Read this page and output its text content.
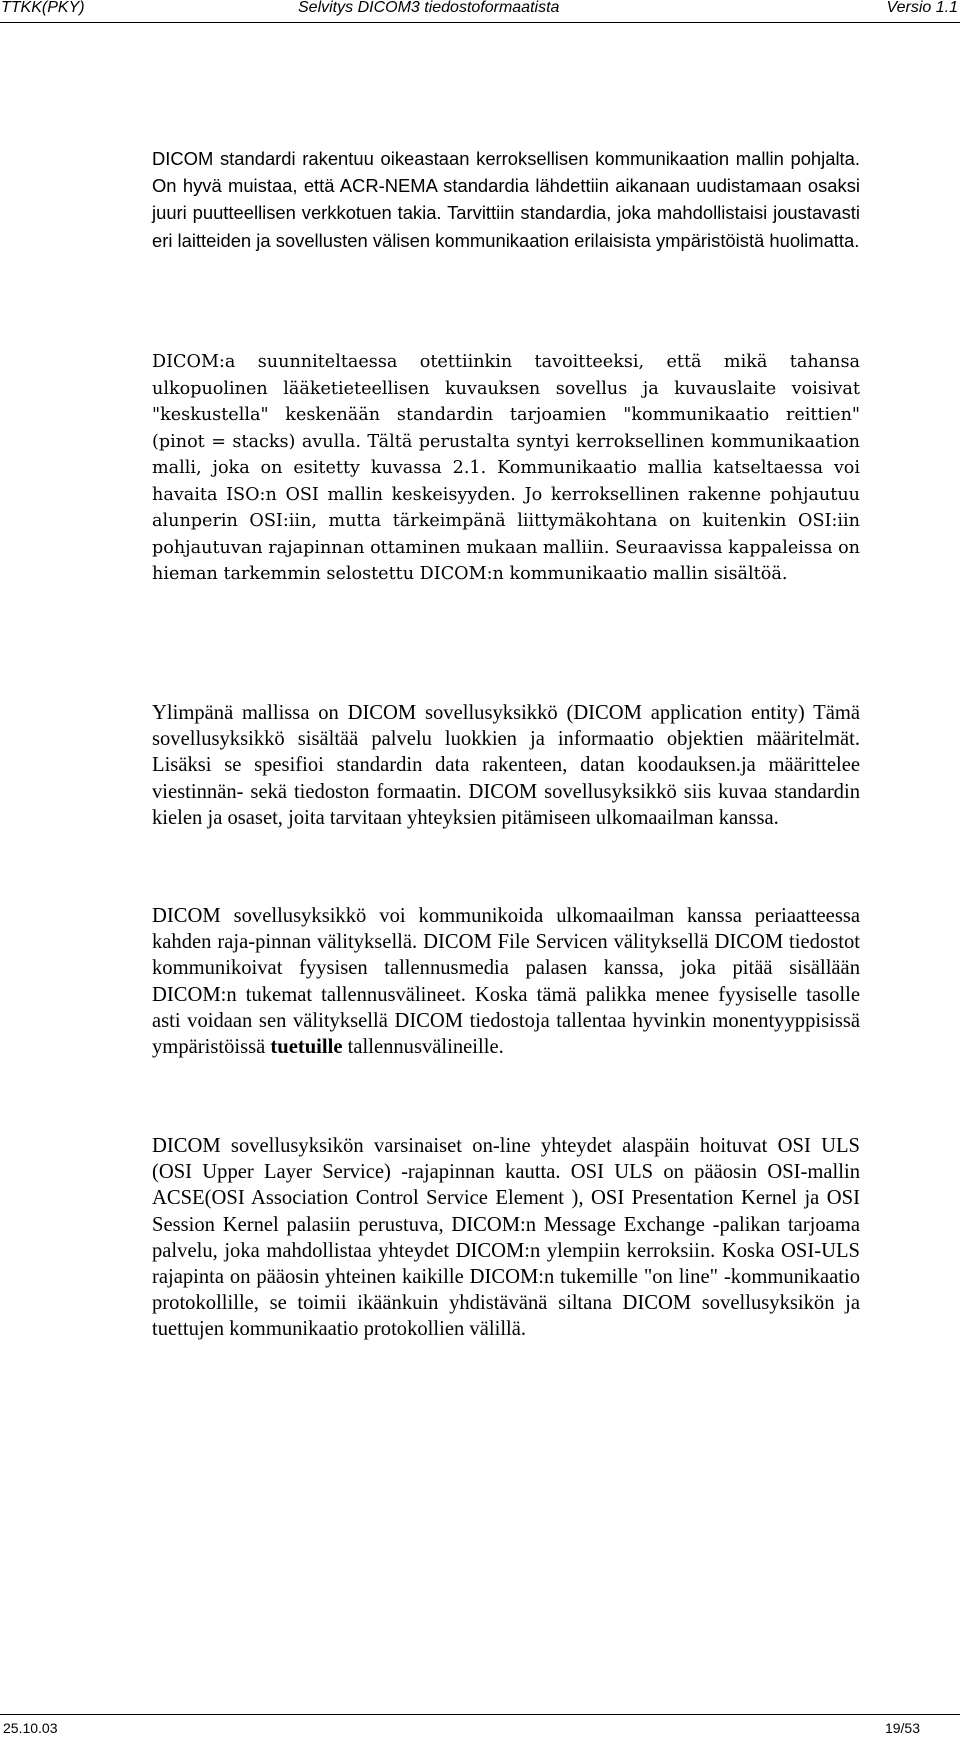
TTKK(PKY)	Selvitys DICOM3 tiedostoformaatista	Versio 1.1

DICOM standardi rakentuu oikeastaan kerroksellisen kommunikaation mallin pohjalta. On hyvä muistaa, että ACR-NEMA standardia lähdettiin aikanaan uudistamaan osaksi juuri puutteellisen verkkotuen takia. Tarvittiin standardia, joka mahdollistaisi joustavasti eri laitteiden ja sovellusten välisen kommunikaation erilaisista ympäristöistä huolimatta.

DICOM:a suunniteltaessa otettiinkin tavoitteeksi, että mikä tahansa ulkopuolinen lääketieteellisen kuvauksen sovellus ja kuvauslaite voisivat "keskustella" keskenään standardin tarjoamien "kommunikaatio reittien" (pinot = stacks) avulla. Tältä perustalta syntyi kerroksellinen kommunikaation malli, joka on esitetty kuvassa 2.1. Kommunikaatio mallia katseltaessa voi havaita ISO:n OSI mallin keskeisyyden. Jo kerroksellinen rakenne pohjautuu alunperin OSI:iin, mutta tärkeimpänä liittymäkohtana on kuitenkin OSI:iin pohjautuvan rajapinnan ottaminen mukaan malliin. Seuraavissa kappaleissa on hieman tarkemmin selostettu DICOM:n kommunikaatio mallin sisältöä.

Ylimpänä mallissa on DICOM sovellusyksikkö (DICOM application entity) Tämä sovellusyksikkö sisältää palvelu luokkien ja informaatio objektien määritelmät. Lisäksi se spesifioi standardin data rakenteen, datan koodauksen.ja määrittelee viestinnän- sekä tiedoston formaatin. DICOM sovellusyksikkö siis kuvaa standardin kielen ja osaset, joita tarvitaan yhteyksien pitämiseen ulkomaailman kanssa.

DICOM sovellusyksikkö voi kommunikoida ulkomaailman kanssa periaatteessa kahden raja-pinnan välityksellä. DICOM File Servicen välityksellä DICOM tiedostot kommunikoivat fyysisen tallennusmedia palasen kanssa, joka pitää sisällään DICOM:n tukemat tallennusvälineet. Koska tämä palikka menee fyysiselle tasolle asti voidaan sen välityksellä DICOM tiedostoja tallentaa hyvinkin monentyyppisissä ympäristöissä tuetuille tallennusvälineille.

DICOM sovellusyksikön varsinaiset on-line yhteydet alaspäin hoituvat OSI ULS (OSI Upper Layer Service) -rajapinnan kautta. OSI ULS on pääosin OSI-mallin ACSE(OSI Association Control Service Element ), OSI Presentation Kernel ja OSI Session Kernel palasiin perustuva, DICOM:n Message Exchange -palikan tarjoama palvelu, joka mahdollistaa yhteydet DICOM:n ylempiin kerroksiin. Koska OSI-ULS rajapinta on pääosin yhteinen kaikille DICOM:n tukemille "on line" -kommunikaatio protokollille, se toimii ikäänkuin yhdistävänä siltana DICOM sovellusyksikön ja tuettujen kommunikaatio protokollien välillä.

25.10.03	19/53
